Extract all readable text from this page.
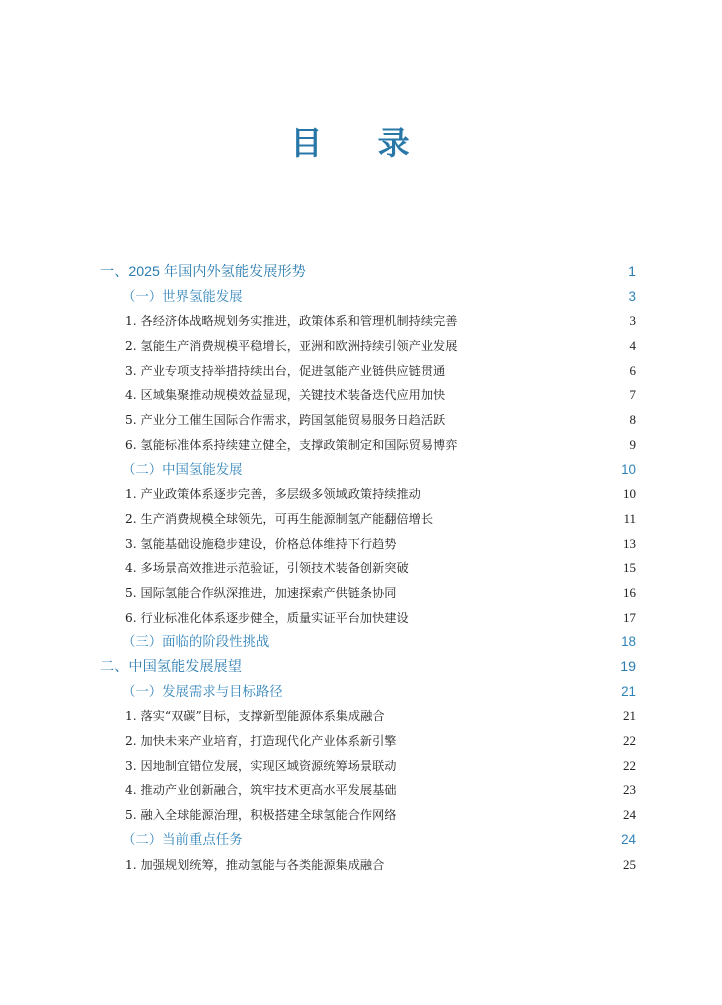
目 录
一、2025 年国内外氢能发展形势	1
（一）世界氢能发展	3
1. 各经济体战略规划务实推进，政策体系和管理机制持续完善	3
2. 氢能生产消费规模平稳增长，亚洲和欧洲持续引领产业发展	4
3. 产业专项支持举措持续出台，促进氢能产业链供应链贯通	6
4. 区域集聚推动规模效益显现，关键技术装备迭代应用加快	7
5. 产业分工催生国际合作需求，跨国氢能贸易服务日趋活跃	8
6. 氢能标准体系持续建立健全，支撑政策制定和国际贸易博弈	9
（二）中国氢能发展	10
1. 产业政策体系逐步完善，多层级多领域政策持续推动	10
2. 生产消费规模全球领先，可再生能源制氢产能翻倍增长	11
3. 氢能基础设施稳步建设，价格总体维持下行趋势	13
4. 多场景高效推进示范验证，引领技术装备创新突破	15
5. 国际氢能合作纵深推进，加速探索产供链条协同	16
6. 行业标准化体系逐步健全，质量实证平台加快建设	17
（三）面临的阶段性挑战	18
二、中国氢能发展展望	19
（一）发展需求与目标路径	21
1. 落实“双碳”目标，支撑新型能源体系集成融合	21
2. 加快未来产业培育，打造现代化产业体系新引擎	22
3. 因地制宜错位发展，实现区域资源统筹场景联动	22
4. 推动产业创新融合，筑牢技术更高水平发展基础	23
5. 融入全球能源治理，积极搭建全球氢能合作网络	24
（二）当前重点任务	24
1. 加强规划统筹，推动氢能与各类能源集成融合	25
